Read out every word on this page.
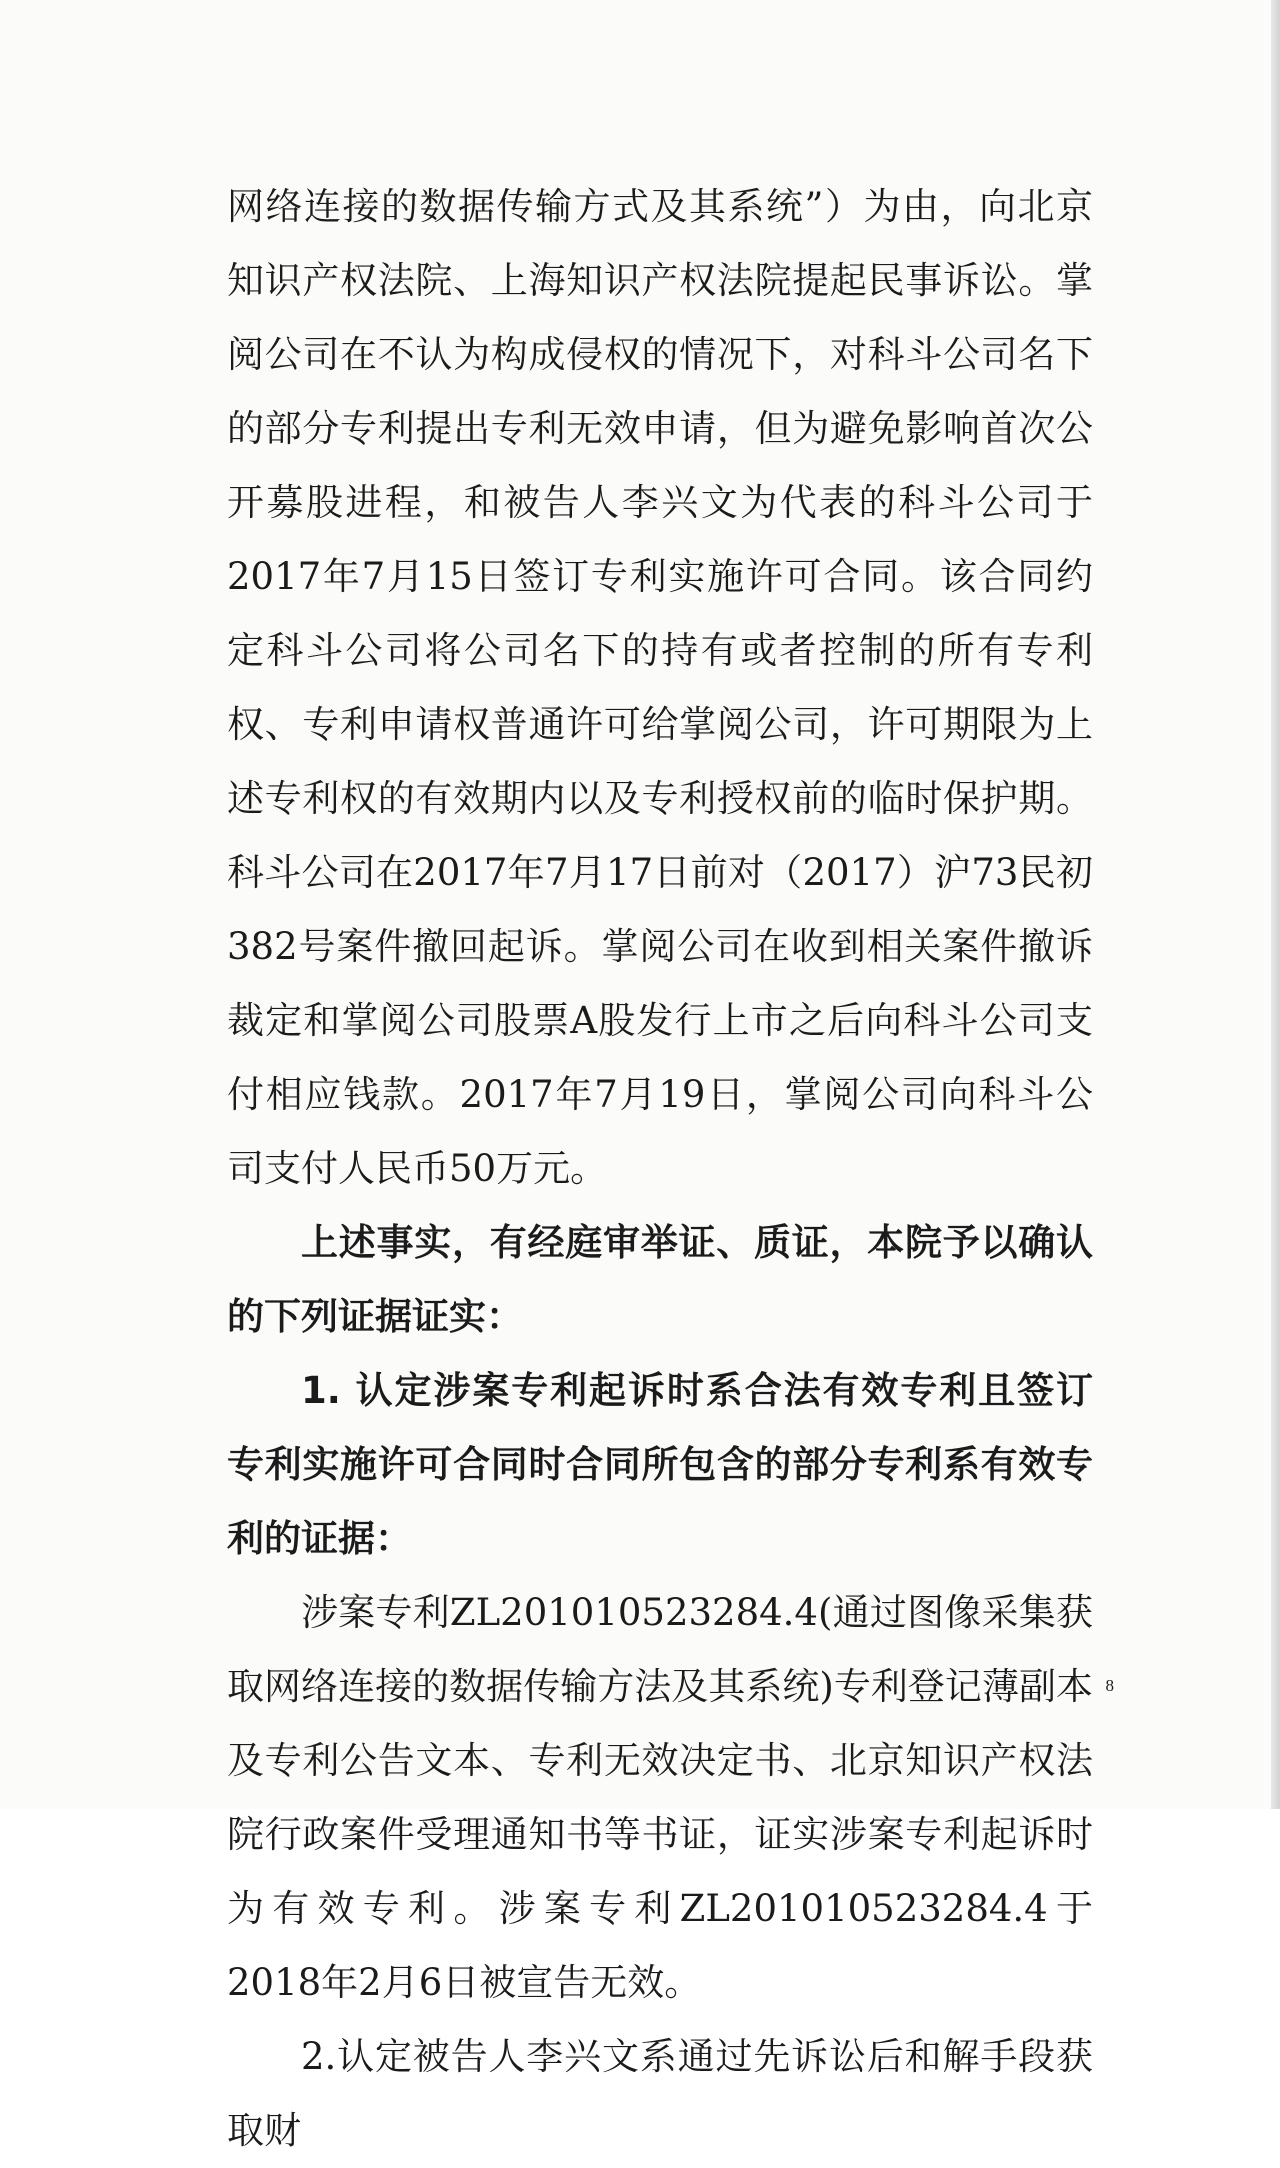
网络连接的数据传输方式及其系统”）为由，向北京知识产权法院、上海知识产权法院提起民事诉讼。掌阅公司在不认为构成侵权的情况下，对科斗公司名下的部分专利提出专利无效申请，但为避免影响首次公开募股进程，和被告人李兴文为代表的科斗公司于2017年7月15日签订专利实施许可合同。该合同约定科斗公司将公司名下的持有或者控制的所有专利权、专利申请权普通许可给掌阅公司，许可期限为上述专利权的有效期内以及专利授权前的临时保护期。科斗公司在2017年7月17日前对（2017）沪73民初382号案件撤回起诉。掌阅公司在收到相关案件撤诉裁定和掌阅公司股票A股发行上市之后向科斗公司支付相应钱款。2017年7月19日，掌阅公司向科斗公司支付人民币50万元。

上述事实，有经庭审举证、质证，本院予以确认的下列证据证实：

1. 认定涉案专利起诉时系合法有效专利且签订专利实施许可合同时合同所包含的部分专利系有效专利的证据：

涉案专利ZL201010523284.4(通过图像采集获取网络连接的数据传输方法及其系统)专利登记薄副本及专利公告文本、专利无效决定书、北京知识产权法院行政案件受理通知书等书证，证实涉案专利起诉时为有效专利。涉案专利ZL201010523284.4于2018年2月6日被宣告无效。

2.认定被告人李兴文系通过先诉讼后和解手段获取财

8
